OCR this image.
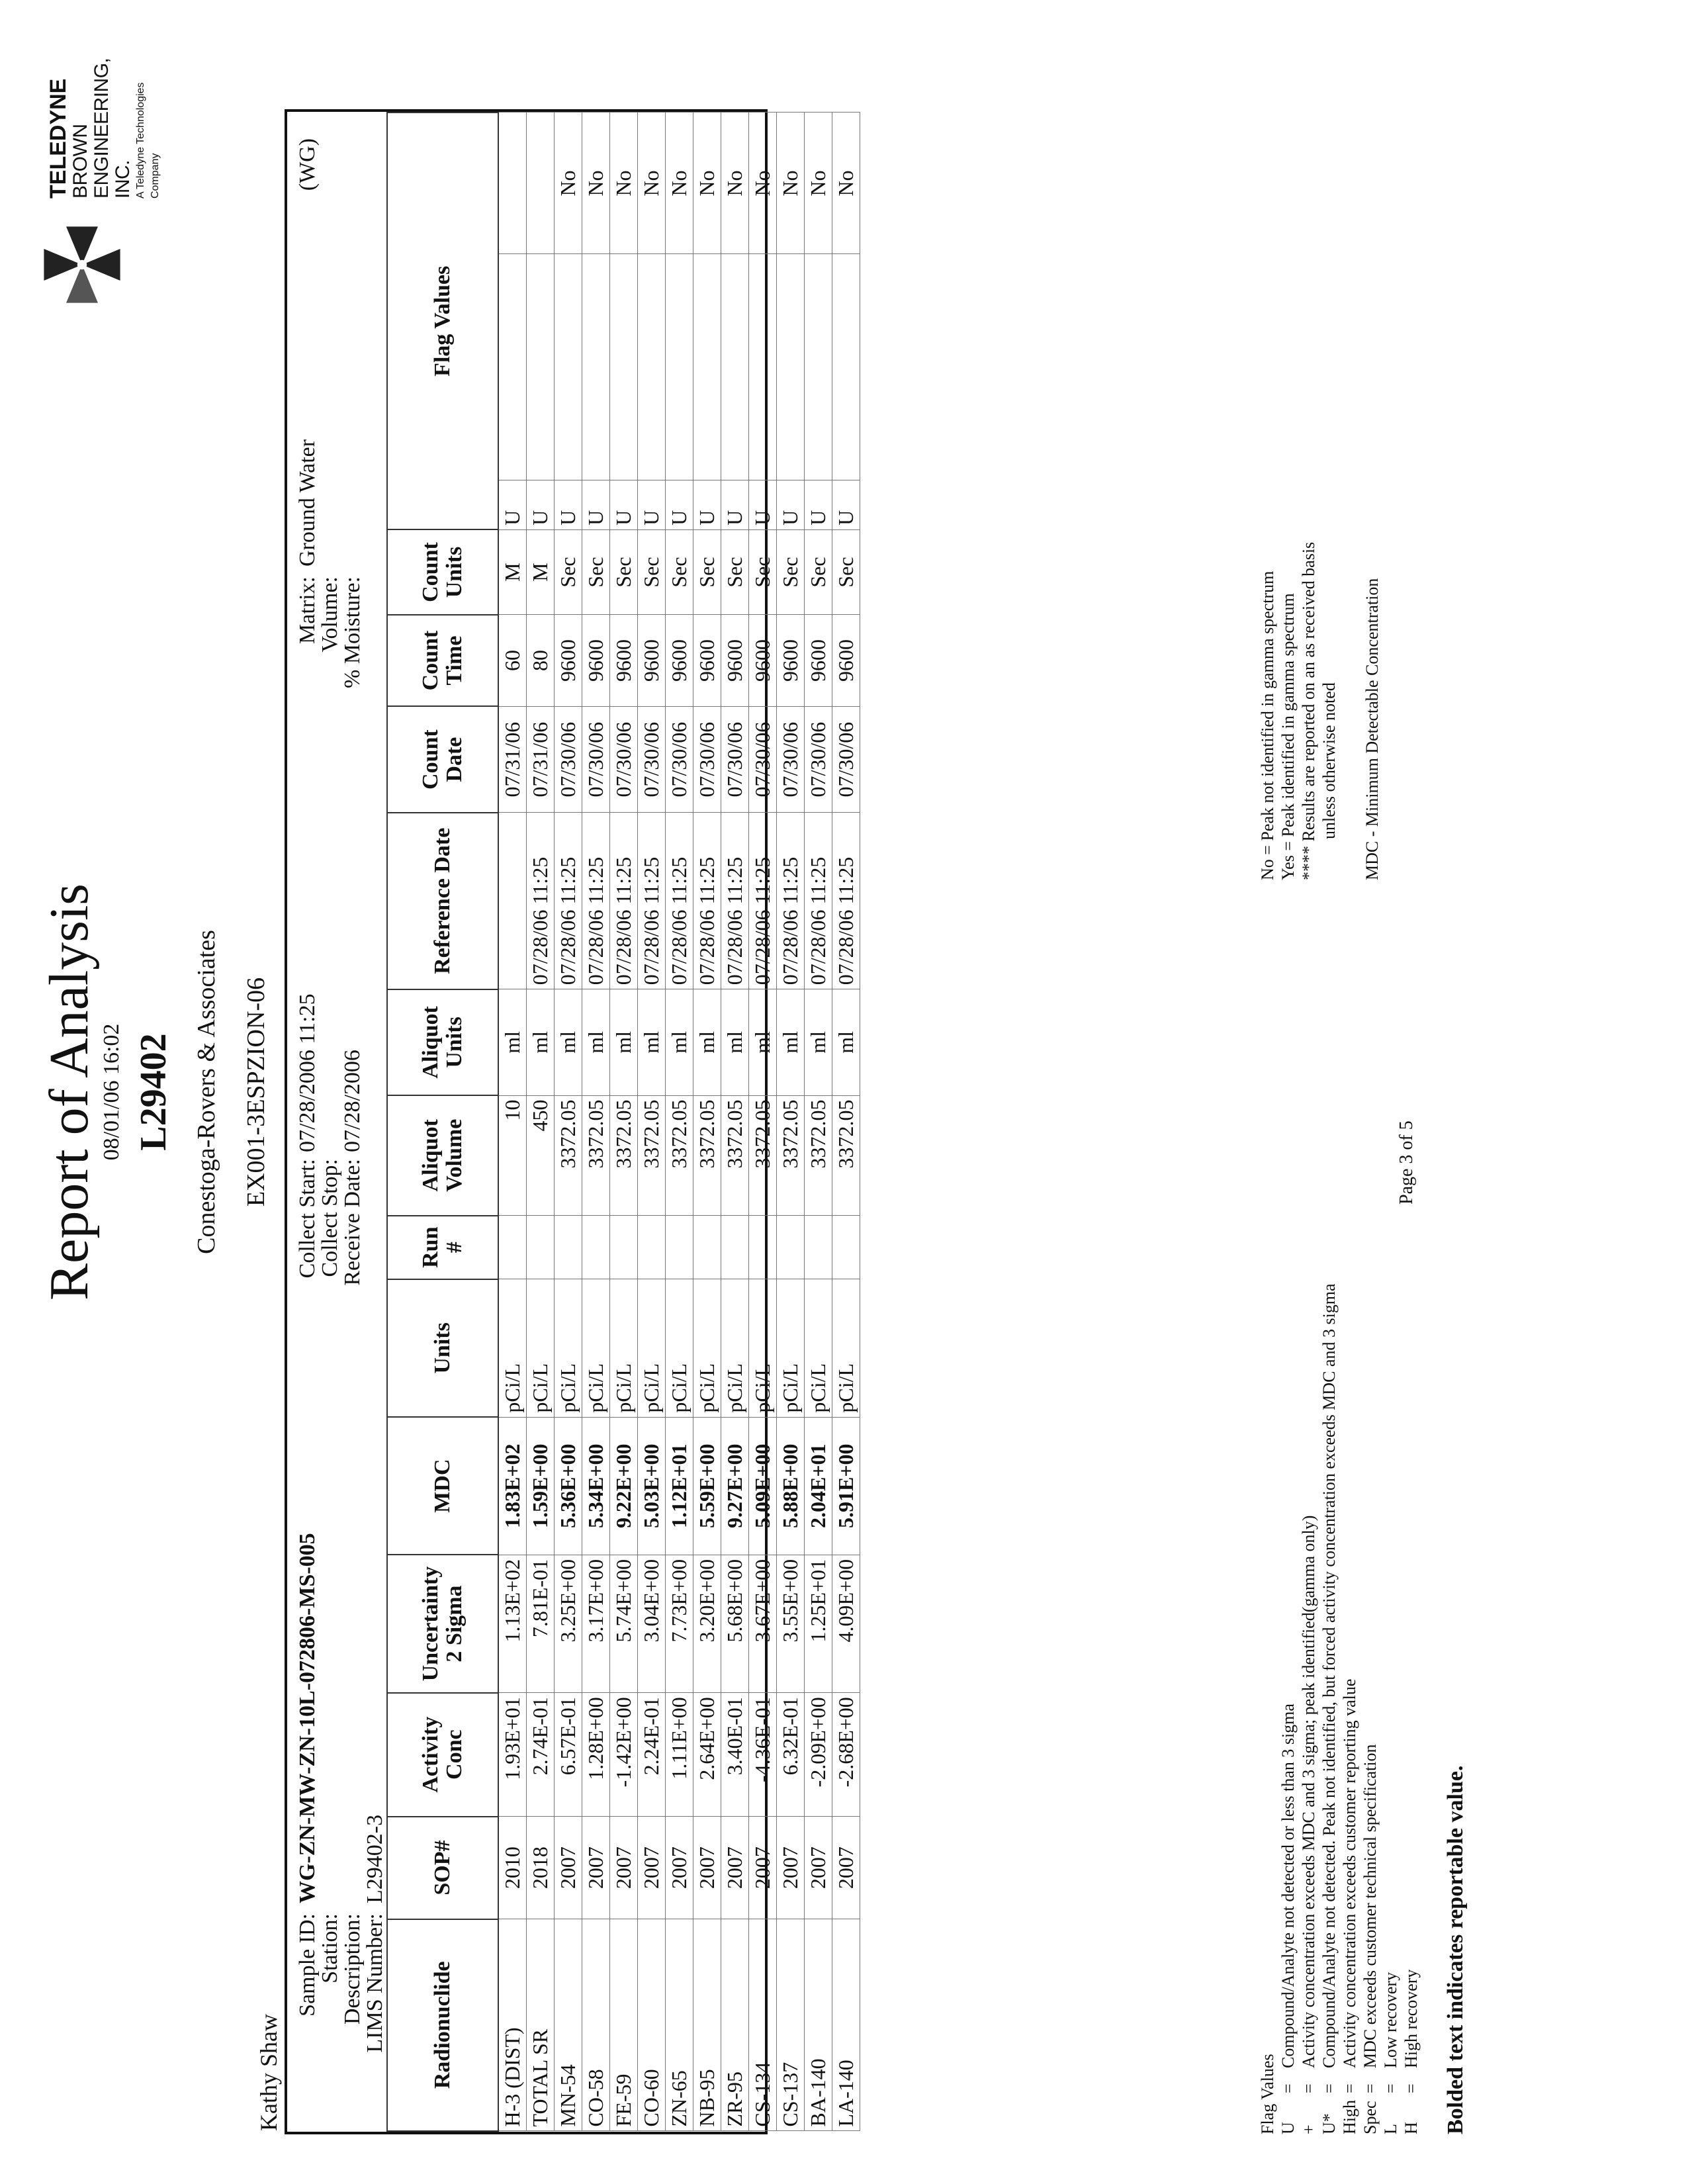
TELEDYNE
BROWN ENGINEERING, INC. A Teledyne Technologies Company
Report of Analysis 08/01/06 16:02 L29402 Conestoga-Rovers & Associates EX001-3ESPZION-06
Kathy Shaw
Sample ID:
WG-ZN-MW-ZN-10L-072806-MS-005
Station:
Description:
LIMS Number:
L29402-3
Collect Start:
07/28/2006 11:25
Collect Stop:
Receive Date:
07/28/2006
Matrix:
Ground Water
Volume:
% Moisture:
(WG)
Radionuclide	SOP#	Activity Conc	Uncertainty 2 Sigma	MDC	Units	Run #	Aliquot Volume	Aliquot Units	Reference Date	Count Date	Count Time	Count Units	Flag Values		
H-3 (DIST)	2010	1.93E+01	1.13E+02	1.83E+02	pCi/L		10	ml		07/31/06	60	M	U		
TOTAL SR	2018	2.74E-01	7.81E-01	1.59E+00	pCi/L		450	ml	07/28/06 11:25	07/31/06	80	M	U		
MN-54	2007	6.57E-01	3.25E+00	5.36E+00	pCi/L		3372.05	ml	07/28/06 11:25	07/30/06	9600	Sec	U		No
CO-58	2007	1.28E+00	3.17E+00	5.34E+00	pCi/L		3372.05	ml	07/28/06 11:25	07/30/06	9600	Sec	U		No
FE-59	2007	-1.42E+00	5.74E+00	9.22E+00	pCi/L		3372.05	ml	07/28/06 11:25	07/30/06	9600	Sec	U		No
CO-60	2007	2.24E-01	3.04E+00	5.03E+00	pCi/L		3372.05	ml	07/28/06 11:25	07/30/06	9600	Sec	U		No
ZN-65	2007	1.11E+00	7.73E+00	1.12E+01	pCi/L		3372.05	ml	07/28/06 11:25	07/30/06	9600	Sec	U		No
NB-95	2007	2.64E+00	3.20E+00	5.59E+00	pCi/L		3372.05	ml	07/28/06 11:25	07/30/06	9600	Sec	U		No
ZR-95	2007	3.40E-01	5.68E+00	9.27E+00	pCi/L		3372.05	ml	07/28/06 11:25	07/30/06	9600	Sec	U		No
CS-134	2007	-4.36E-01	3.67E+00	5.09E+00	pCi/L		3372.05	ml	07/28/06 11:25	07/30/06	9600	Sec	U		No
CS-137	2007	6.32E-01	3.55E+00	5.88E+00	pCi/L		3372.05	ml	07/28/06 11:25	07/30/06	9600	Sec	U		No
BA-140	2007	-2.09E+00	1.25E+01	2.04E+01	pCi/L		3372.05	ml	07/28/06 11:25	07/30/06	9600	Sec	U		No
LA-140	2007	-2.68E+00	4.09E+00	5.91E+00	pCi/L		3372.05	ml	07/28/06 11:25	07/30/06	9600	Sec	U		No
Flag Values U
=
Compound/Analyte not detected or less than 3 sigma
+
=
Activity concentration exceeds MDC and 3 sigma; peak identified(gamma only)
U*
=
Compound/Analyte not detected. Peak not identified, but forced activity concentration exceeds MDC and 3 sigma
High
=
Activity concentration exceeds customer reporting value
Spec
=
MDC exceeds customer technical specification
L
=
Low recovery
H
=
High recovery Bolded text indicates reportable value.
Page 3 of 5
No = Peak not identified in gamma spectrum Yes = Peak identified in gamma spectrum **** Results are reported on an as received basis unless otherwise noted MDC - Minimum Detectable Concentration
